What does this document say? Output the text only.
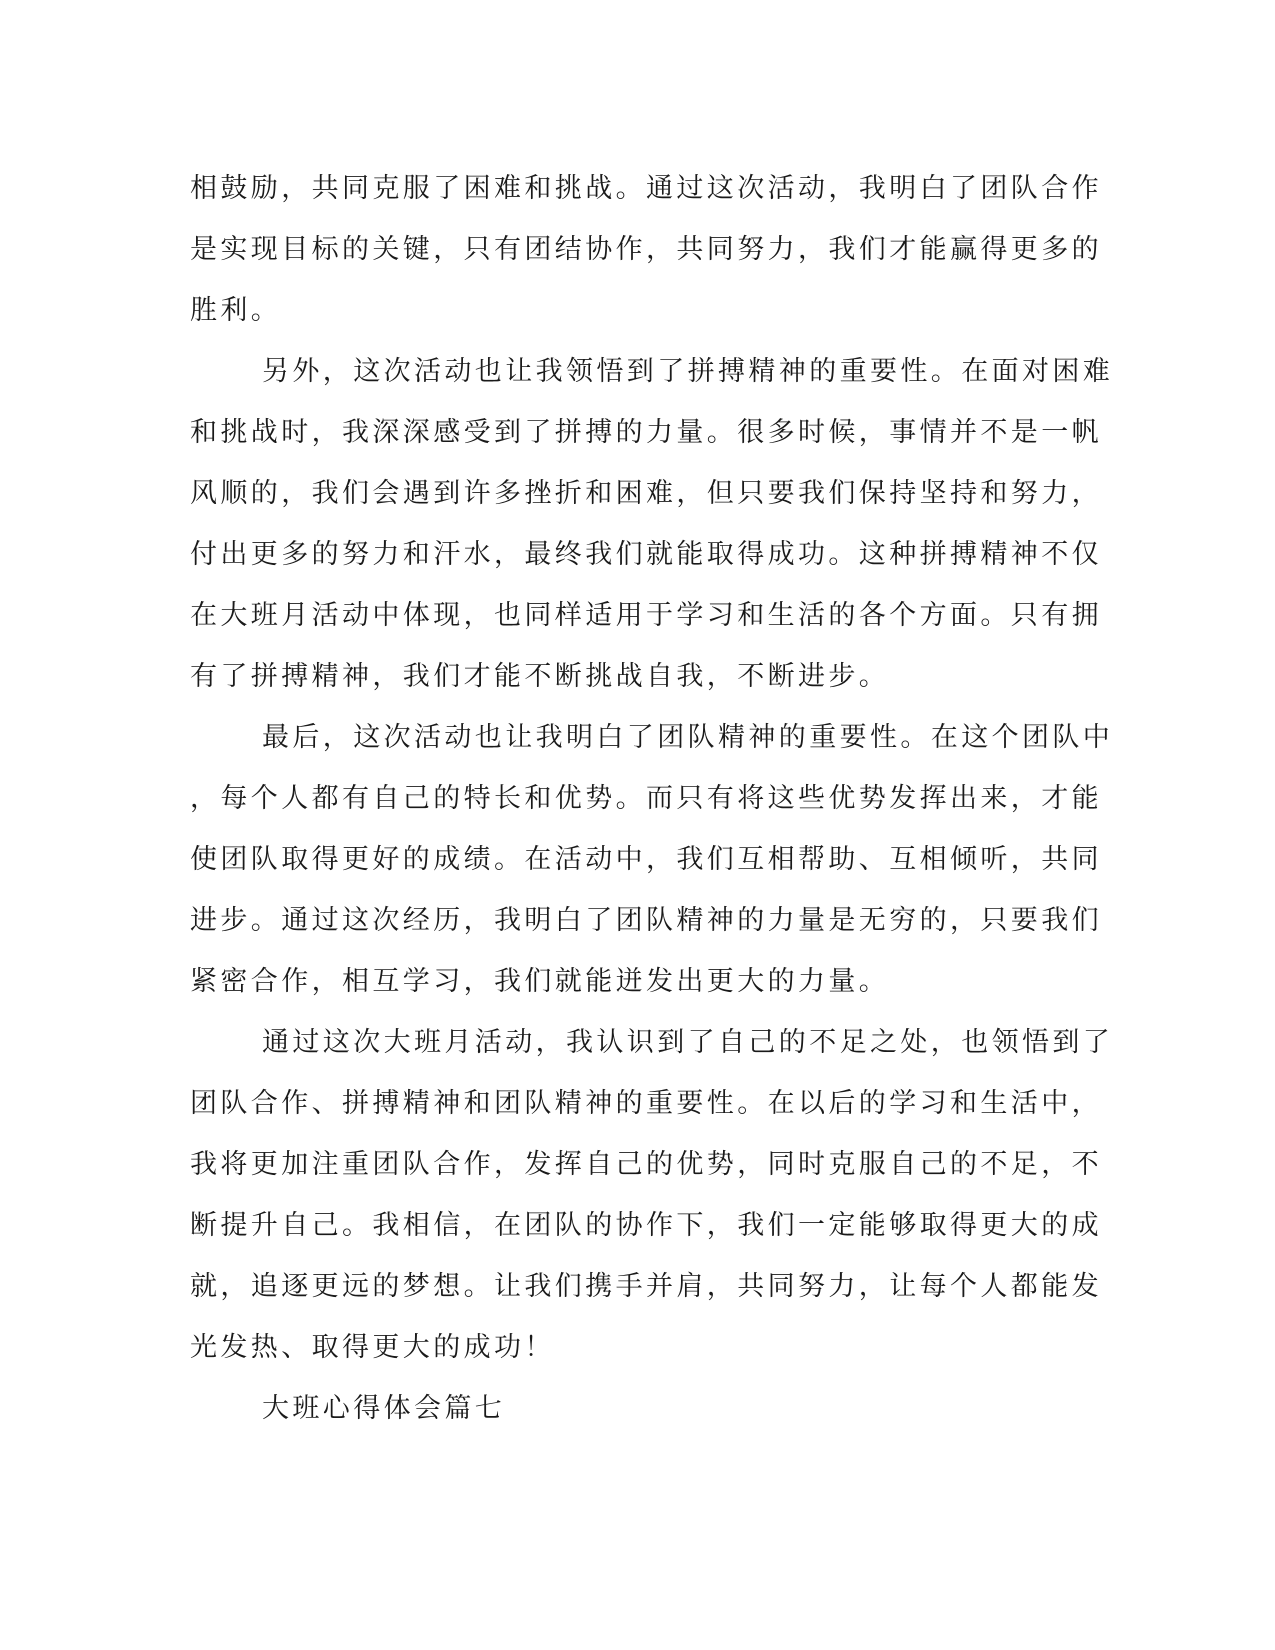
相鼓励，共同克服了困难和挑战。通过这次活动，我明白了团队合作
是实现目标的关键，只有团结协作，共同努力，我们才能赢得更多的
胜利。
另外，这次活动也让我领悟到了拼搏精神的重要性。在面对困难
和挑战时，我深深感受到了拼搏的力量。很多时候，事情并不是一帆
风顺的，我们会遇到许多挫折和困难，但只要我们保持坚持和努力，
付出更多的努力和汗水，最终我们就能取得成功。这种拼搏精神不仅
在大班月活动中体现，也同样适用于学习和生活的各个方面。只有拥
有了拼搏精神，我们才能不断挑战自我，不断进步。
最后，这次活动也让我明白了团队精神的重要性。在这个团队中
，每个人都有自己的特长和优势。而只有将这些优势发挥出来，才能
使团队取得更好的成绩。在活动中，我们互相帮助、互相倾听，共同
进步。通过这次经历，我明白了团队精神的力量是无穷的，只要我们
紧密合作，相互学习，我们就能迸发出更大的力量。
通过这次大班月活动，我认识到了自己的不足之处，也领悟到了
团队合作、拼搏精神和团队精神的重要性。在以后的学习和生活中，
我将更加注重团队合作，发挥自己的优势，同时克服自己的不足，不
断提升自己。我相信，在团队的协作下，我们一定能够取得更大的成
就，追逐更远的梦想。让我们携手并肩，共同努力，让每个人都能发
光发热、取得更大的成功！
大班心得体会篇七
